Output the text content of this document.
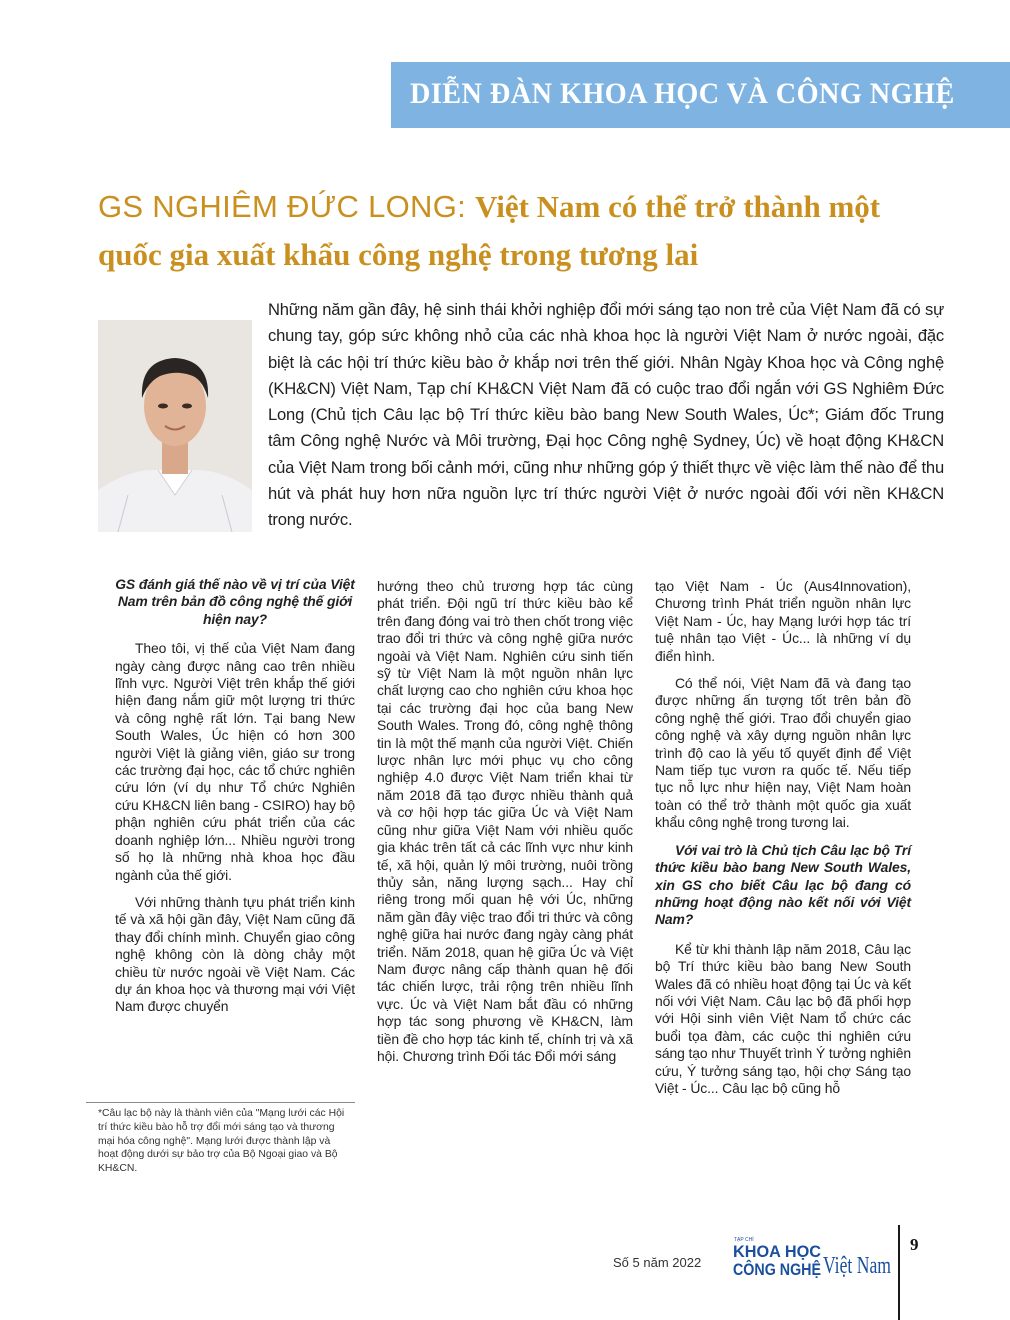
DIỄN ĐÀN KHOA HỌC VÀ CÔNG NGHỆ
GS NGHIÊM ĐỨC LONG: Việt Nam có thể trở thành một quốc gia xuất khẩu công nghệ trong tương lai
Những năm gần đây, hệ sinh thái khởi nghiệp đổi mới sáng tạo non trẻ của Việt Nam đã có sự chung tay, góp sức không nhỏ của các nhà khoa học là người Việt Nam ở nước ngoài, đặc biệt là các hội trí thức kiều bào ở khắp nơi trên thế giới. Nhân Ngày Khoa học và Công nghệ (KH&CN) Việt Nam, Tạp chí KH&CN Việt Nam đã có cuộc trao đổi ngắn với GS Nghiêm Đức Long (Chủ tịch Câu lạc bộ Trí thức kiều bào bang New South Wales, Úc*; Giám đốc Trung tâm Công nghệ Nước và Môi trường, Đại học Công nghệ Sydney, Úc) về hoạt động KH&CN của Việt Nam trong bối cảnh mới, cũng như những góp ý thiết thực về việc làm thế nào để thu hút và phát huy hơn nữa nguồn lực trí thức người Việt ở nước ngoài đối với nền KH&CN trong nước.

GS đánh giá thế nào về vị trí của Việt Nam trên bản đồ công nghệ thế giới hiện nay?

Theo tôi, vị thế của Việt Nam đang ngày càng được nâng cao trên nhiều lĩnh vực. Người Việt trên khắp thế giới hiện đang nắm giữ một lượng tri thức và công nghệ rất lớn. Tại bang New South Wales, Úc hiện có hơn 300 người Việt là giảng viên, giáo sư trong các trường đại học, các tổ chức nghiên cứu lớn (ví dụ như Tổ chức Nghiên cứu KH&CN liên bang - CSIRO) hay bộ phận nghiên cứu phát triển của các doanh nghiệp lớn... Nhiều người trong số họ là những nhà khoa học đầu ngành của thế giới.

Với những thành tựu phát triển kinh tế và xã hội gần đây, Việt Nam cũng đã thay đổi chính mình. Chuyển giao công nghệ không còn là dòng chảy một chiều từ nước ngoài về Việt Nam. Các dự án khoa học và thương mại với Việt Nam được chuyển

hướng theo chủ trương hợp tác cùng phát triển. Đội ngũ trí thức kiều bào kể trên đang đóng vai trò then chốt trong việc trao đổi tri thức và công nghệ giữa nước ngoài và Việt Nam. Nghiên cứu sinh tiến sỹ từ Việt Nam là một nguồn nhân lực chất lượng cao cho nghiên cứu khoa học tại các trường đại học của bang New South Wales. Trong đó, công nghệ thông tin là một thế mạnh của người Việt. Chiến lược nhân lực mới phục vụ cho công nghiệp 4.0 được Việt Nam triển khai từ năm 2018 đã tạo được nhiều thành quả và cơ hội hợp tác giữa Úc và Việt Nam cũng như giữa Việt Nam với nhiều quốc gia khác trên tất cả các lĩnh vực như kinh tế, xã hội, quản lý môi trường, nuôi trồng thủy sản, năng lượng sạch... Hay chỉ riêng trong mối quan hệ với Úc, những năm gần đây việc trao đổi tri thức và công nghệ giữa hai nước đang ngày càng phát triển. Năm 2018, quan hệ giữa Úc và Việt Nam được nâng cấp thành quan hệ đối tác chiến lược, trải rộng trên nhiều lĩnh vực. Úc và Việt Nam bắt đầu có những hợp tác song phương về KH&CN, làm tiền đề cho hợp tác kinh tế, chính trị và xã hội. Chương trình Đối tác Đổi mới sáng

tạo Việt Nam - Úc (Aus4Innovation), Chương trình Phát triển nguồn nhân lực Việt Nam - Úc, hay Mạng lưới hợp tác trí tuệ nhân tạo Việt - Úc... là những ví dụ điển hình.

Có thể nói, Việt Nam đã và đang tạo được những ấn tượng tốt trên bản đồ công nghệ thế giới. Trao đổi chuyển giao công nghệ và xây dựng nguồn nhân lực trình độ cao là yếu tố quyết định để Việt Nam tiếp tục vươn ra quốc tế. Nếu tiếp tục nỗ lực như hiện nay, Việt Nam hoàn toàn có thể trở thành một quốc gia xuất khẩu công nghệ trong tương lai.

Với vai trò là Chủ tịch Câu lạc bộ Trí thức kiều bào bang New South Wales, xin GS cho biết Câu lạc bộ đang có những hoạt động nào kết nối với Việt Nam?

Kể từ khi thành lập năm 2018, Câu lạc bộ Trí thức kiều bào bang New South Wales đã có nhiều hoạt động tại Úc và kết nối với Việt Nam. Câu lạc bộ đã phối hợp với Hội sinh viên Việt Nam tổ chức các buổi tọa đàm, các cuộc thi nghiên cứu sáng tạo như Thuyết trình Ý tưởng nghiên cứu, Ý tưởng sáng tạo, hội chợ Sáng tạo Việt - Úc... Câu lạc bộ cũng hỗ

*Câu lạc bộ này là thành viên của "Mạng lưới các Hội trí thức kiều bào hỗ trợ đổi mới sáng tạo và thương mại hóa công nghệ". Mạng lưới được thành lập và hoạt động dưới sự bảo trợ của Bộ Ngoại giao và Bộ KH&CN.
Số 5 năm 2022
TẠP CHÍ
KHOA HỌC
CÔNG NGHỆ Việt Nam
9
